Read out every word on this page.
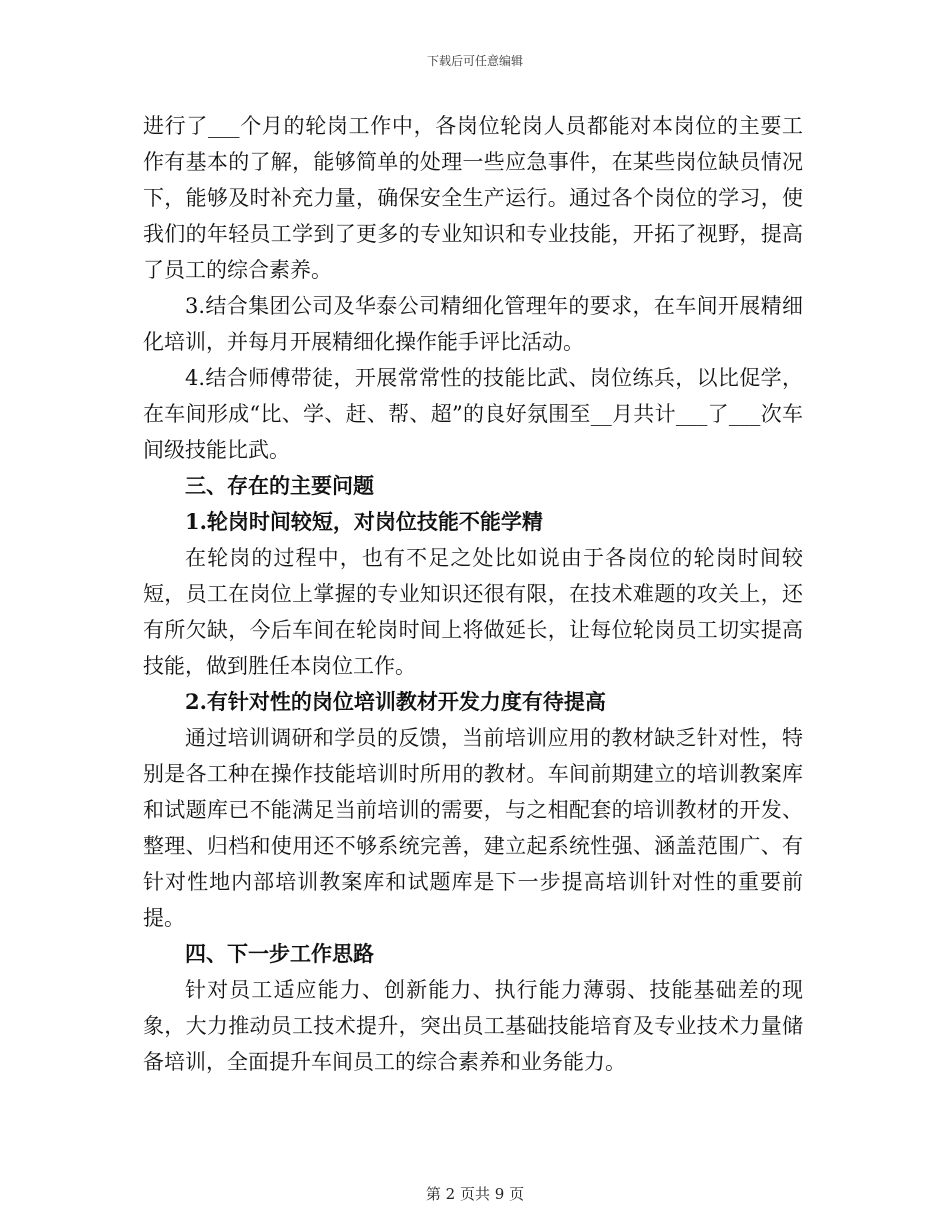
下载后可任意编辑

进行了___个月的轮岗工作中，各岗位轮岗人员都能对本岗位的主要工作有基本的了解，能够简单的处理一些应急事件，在某些岗位缺员情况下，能够及时补充力量，确保安全生产运行。通过各个岗位的学习，使我们的年轻员工学到了更多的专业知识和专业技能，开拓了视野，提高了员工的综合素养。

3.结合集团公司及华泰公司精细化管理年的要求，在车间开展精细化培训，并每月开展精细化操作能手评比活动。

4.结合师傅带徒，开展常常性的技能比武、岗位练兵，以比促学，在车间形成“比、学、赶、帮、超”的良好氛围至__月共计___了___次车间级技能比武。

三、存在的主要问题

1.轮岗时间较短，对岗位技能不能学精

在轮岗的过程中，也有不足之处比如说由于各岗位的轮岗时间较短，员工在岗位上掌握的专业知识还很有限，在技术难题的攻关上，还有所欠缺，今后车间在轮岗时间上将做延长，让每位轮岗员工切实提高技能，做到胜任本岗位工作。

2.有针对性的岗位培训教材开发力度有待提高

通过培训调研和学员的反馈，当前培训应用的教材缺乏针对性，特别是各工种在操作技能培训时所用的教材。车间前期建立的培训教案库和试题库已不能满足当前培训的需要，与之相配套的培训教材的开发、整理、归档和使用还不够系统完善，建立起系统性强、涵盖范围广、有针对性地内部培训教案库和试题库是下一步提高培训针对性的重要前提。

四、下一步工作思路

针对员工适应能力、创新能力、执行能力薄弱、技能基础差的现象，大力推动员工技术提升，突出员工基础技能培育及专业技术力量储备培训，全面提升车间员工的综合素养和业务能力。

第 2 页共 9 页
